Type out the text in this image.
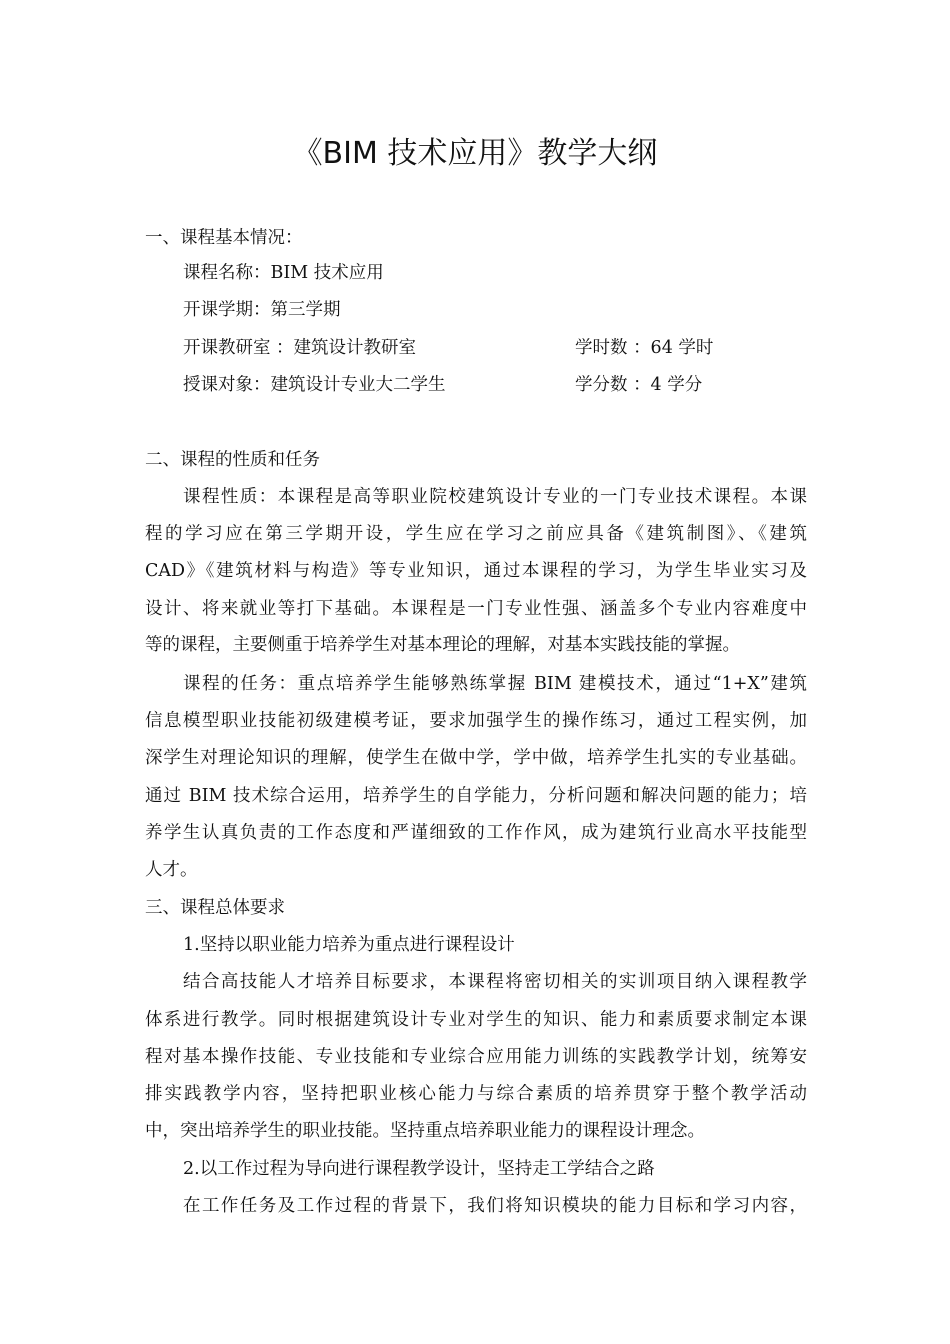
《BIM 技术应用》教学大纲
一、课程基本情况：
课程名称：BIM 技术应用
开课学期：第三学期
开课教研室 ：建筑设计教研室	学时数 ：64 学时
授课对象：建筑设计专业大二学生	学分数 ：4 学分
二、课程的性质和任务
课程性质：本课程是高等职业院校建筑设计专业的一门专业技术课程。本课
程的学习应在第三学期开设，学生应在学习之前应具备《建筑制图》、《建筑
CAD》《建筑材料与构造》等专业知识，通过本课程的学习，为学生毕业实习及
设计、将来就业等打下基础。本课程是一门专业性强、涵盖多个专业内容难度中
等的课程，主要侧重于培养学生对基本理论的理解，对基本实践技能的掌握。
课程的任务：重点培养学生能够熟练掌握 BIM 建模技术，通过“1+X”建筑
信息模型职业技能初级建模考证，要求加强学生的操作练习，通过工程实例，加
深学生对理论知识的理解，使学生在做中学，学中做，培养学生扎实的专业基础。
通过 BIM 技术综合运用，培养学生的自学能力，分析问题和解决问题的能力；培
养学生认真负责的工作态度和严谨细致的工作作风，成为建筑行业高水平技能型
人才。
三、课程总体要求
1.坚持以职业能力培养为重点进行课程设计
结合高技能人才培养目标要求，本课程将密切相关的实训项目纳入课程教学
体系进行教学。同时根据建筑设计专业对学生的知识、能力和素质要求制定本课
程对基本操作技能、专业技能和专业综合应用能力训练的实践教学计划，统筹安
排实践教学内容，坚持把职业核心能力与综合素质的培养贯穿于整个教学活动
中，突出培养学生的职业技能。坚持重点培养职业能力的课程设计理念。
2.以工作过程为导向进行课程教学设计，坚持走工学结合之路
在工作任务及工作过程的背景下，我们将知识模块的能力目标和学习内容，
